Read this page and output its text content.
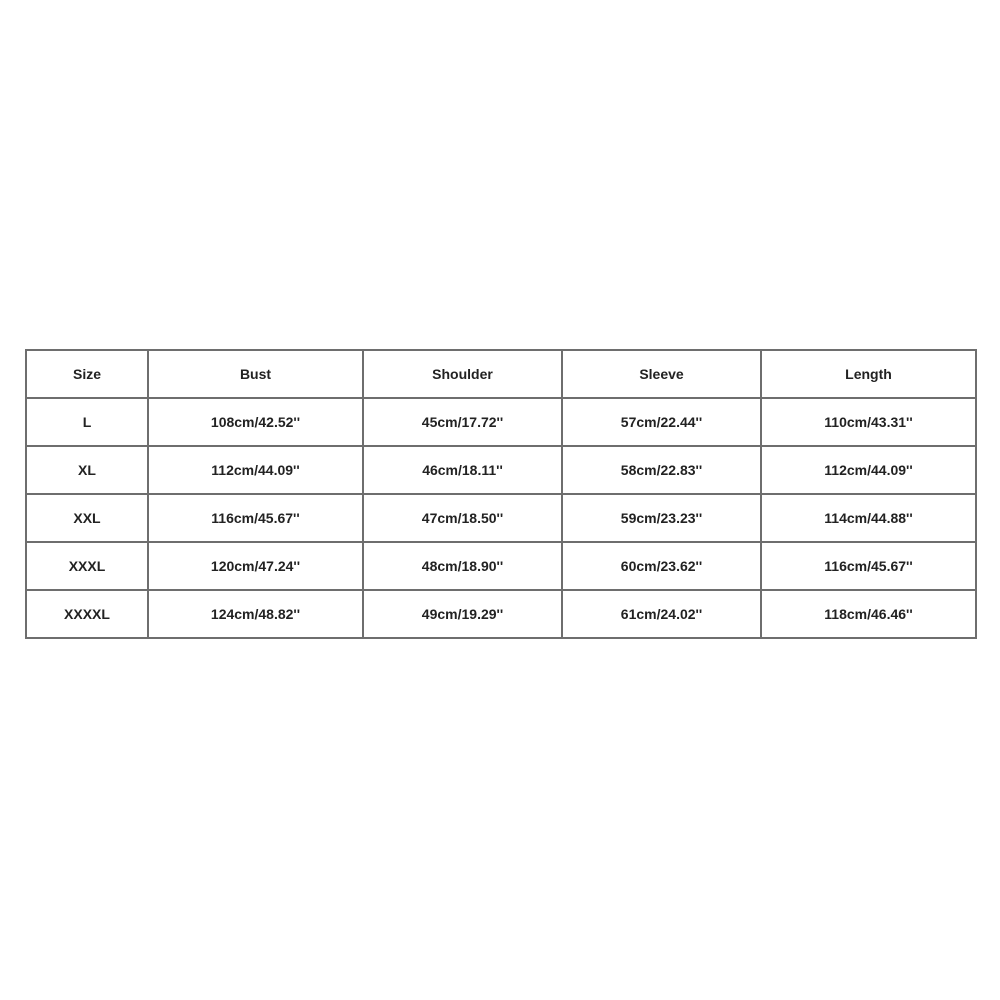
Size	Bust	Shoulder	Sleeve	Length
L	108cm/42.52''	45cm/17.72''	57cm/22.44''	110cm/43.31''
XL	112cm/44.09''	46cm/18.11''	58cm/22.83''	112cm/44.09''
XXL	116cm/45.67''	47cm/18.50''	59cm/23.23''	114cm/44.88''
XXXL	120cm/47.24''	48cm/18.90''	60cm/23.62''	116cm/45.67''
XXXXL	124cm/48.82''	49cm/19.29''	61cm/24.02''	118cm/46.46''
